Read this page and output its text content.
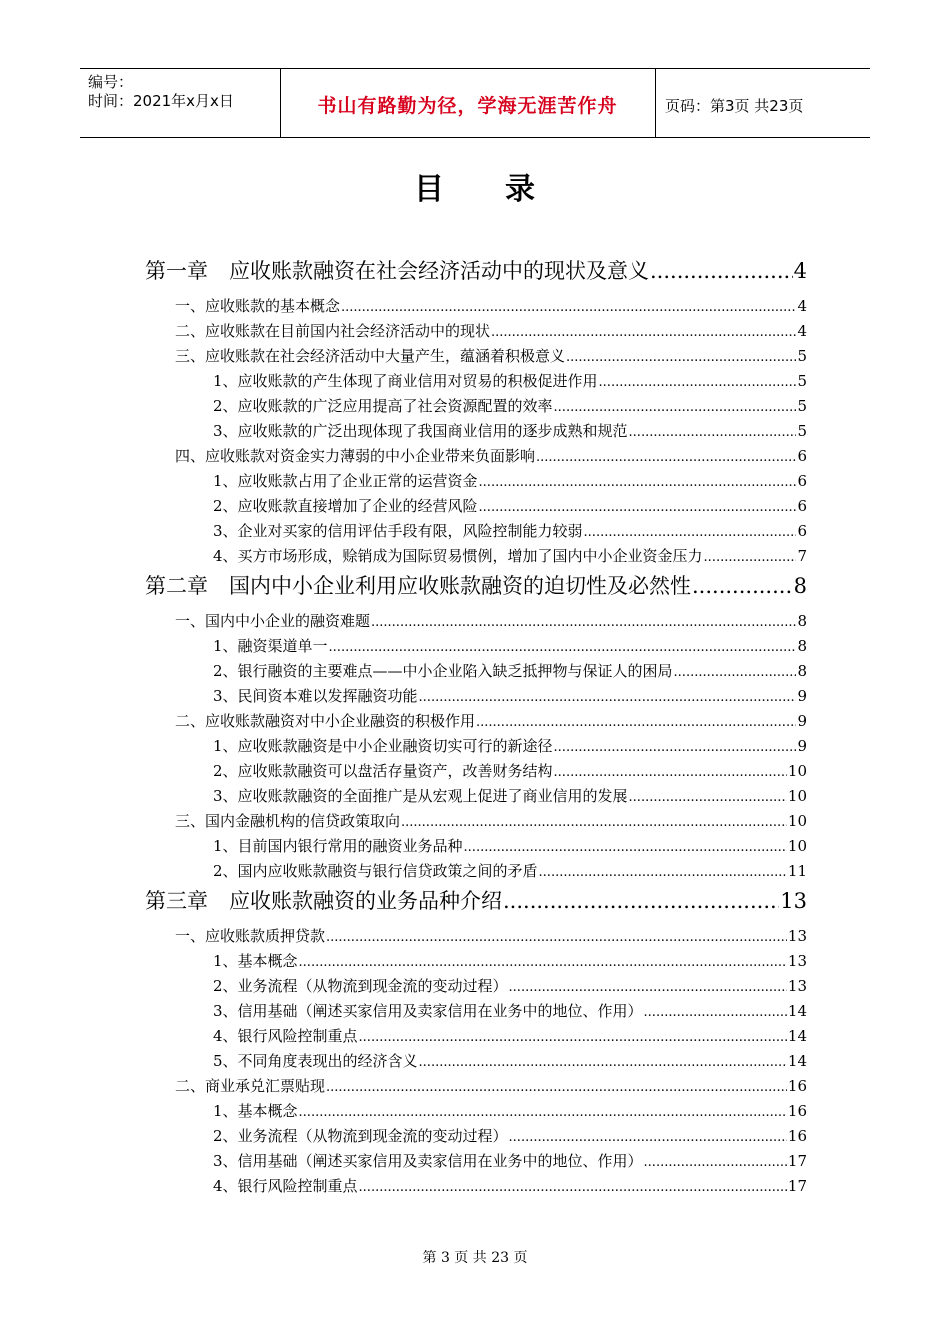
编号：
时间：2021年x月x日	书山有路勤为径，学海无涯苦作舟	页码：第3页 共23页
目 录
第一章　应收账款融资在社会经济活动中的现状及意义 .....	4
一、应收账款的基本概念 .....	4
二、应收账款在目前国内社会经济活动中的现状 .....	4
三、应收账款在社会经济活动中大量产生，蕴涵着积极意义 .....	5
1、应收账款的产生体现了商业信用对贸易的积极促进作用 .....	5
2、应收账款的广泛应用提高了社会资源配置的效率 .....	5
3、应收账款的广泛出现体现了我国商业信用的逐步成熟和规范 .....	5
四、应收账款对资金实力薄弱的中小企业带来负面影响 .....	6
1、应收账款占用了企业正常的运营资金 .....	6
2、应收账款直接增加了企业的经营风险 .....	6
3、企业对买家的信用评估手段有限，风险控制能力较弱 .....	6
4、买方市场形成，赊销成为国际贸易惯例，增加了国内中小企业资金压力 .....	7
第二章　国内中小企业利用应收账款融资的迫切性及必然性 .....	8
一、国内中小企业的融资难题 .....	8
1、融资渠道单一 .....	8
2、银行融资的主要难点——中小企业陷入缺乏抵押物与保证人的困局 .....	8
3、民间资本难以发挥融资功能 .....	9
二、应收账款融资对中小企业融资的积极作用 .....	9
1、应收账款融资是中小企业融资切实可行的新途径 .....	9
2、应收账款融资可以盘活存量资产，改善财务结构 .....	10
3、应收账款融资的全面推广是从宏观上促进了商业信用的发展 .....	10
三、国内金融机构的信贷政策取向 .....	10
1、目前国内银行常用的融资业务品种 .....	10
2、国内应收账款融资与银行信贷政策之间的矛盾 .....	11
第三章　应收账款融资的业务品种介绍 .....	13
一、应收账款质押贷款 .....	13
1、基本概念 .....	13
2、业务流程（从物流到现金流的变动过程） .....	13
3、信用基础（阐述买家信用及卖家信用在业务中的地位、作用） .....	14
4、银行风险控制重点 .....	14
5、不同角度表现出的经济含义 .....	14
二、商业承兑汇票贴现 .....	16
1、基本概念 .....	16
2、业务流程（从物流到现金流的变动过程） .....	16
3、信用基础（阐述买家信用及卖家信用在业务中的地位、作用） .....	17
4、银行风险控制重点 .....	17
第 3 页 共 23 页
